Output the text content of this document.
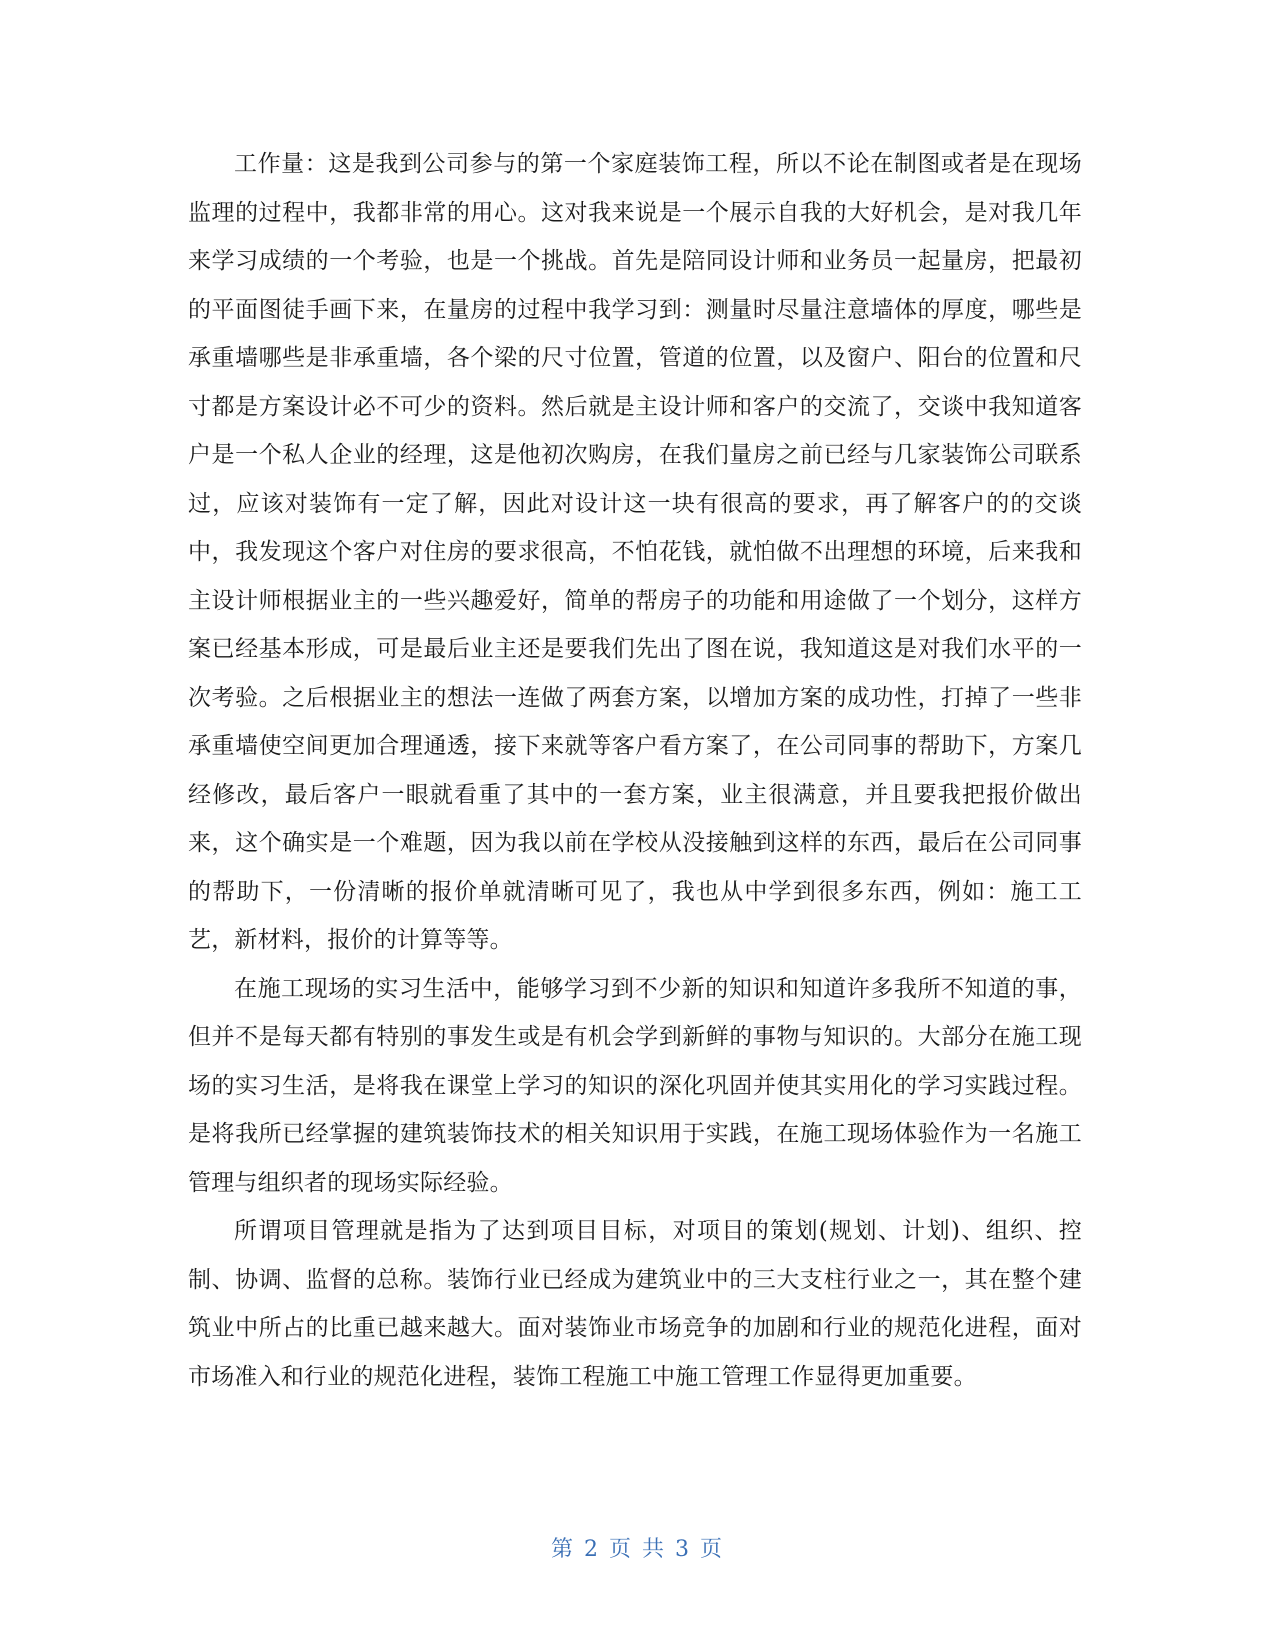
工作量：这是我到公司参与的第一个家庭装饰工程，所以不论在制图或者是在现场监理的过程中，我都非常的用心。这对我来说是一个展示自我的大好机会，是对我几年来学习成绩的一个考验，也是一个挑战。首先是陪同设计师和业务员一起量房，把最初的平面图徒手画下来，在量房的过程中我学习到：测量时尽量注意墙体的厚度，哪些是承重墙哪些是非承重墙，各个梁的尺寸位置，管道的位置，以及窗户、阳台的位置和尺寸都是方案设计必不可少的资料。然后就是主设计师和客户的交流了，交谈中我知道客户是一个私人企业的经理，这是他初次购房，在我们量房之前已经与几家装饰公司联系过，应该对装饰有一定了解，因此对设计这一块有很高的要求，再了解客户的的交谈中，我发现这个客户对住房的要求很高，不怕花钱，就怕做不出理想的环境，后来我和主设计师根据业主的一些兴趣爱好，简单的帮房子的功能和用途做了一个划分，这样方案已经基本形成，可是最后业主还是要我们先出了图在说，我知道这是对我们水平的一次考验。之后根据业主的想法一连做了两套方案，以增加方案的成功性，打掉了一些非承重墙使空间更加合理通透，接下来就等客户看方案了，在公司同事的帮助下，方案几经修改，最后客户一眼就看重了其中的一套方案，业主很满意，并且要我把报价做出来，这个确实是一个难题，因为我以前在学校从没接触到这样的东西，最后在公司同事的帮助下，一份清晰的报价单就清晰可见了，我也从中学到很多东西，例如：施工工艺，新材料，报价的计算等等。

在施工现场的实习生活中，能够学习到不少新的知识和知道许多我所不知道的事，但并不是每天都有特别的事发生或是有机会学到新鲜的事物与知识的。大部分在施工现场的实习生活，是将我在课堂上学习的知识的深化巩固并使其实用化的学习实践过程。是将我所已经掌握的建筑装饰技术的相关知识用于实践，在施工现场体验作为一名施工管理与组织者的现场实际经验。

所谓项目管理就是指为了达到项目目标，对项目的策划(规划、计划)、组织、控制、协调、监督的总称。装饰行业已经成为建筑业中的三大支柱行业之一，其在整个建筑业中所占的比重已越来越大。面对装饰业市场竞争的加剧和行业的规范化进程，面对市场准入和行业的规范化进程，装饰工程施工中施工管理工作显得更加重要。

第 2 页 共 3 页
